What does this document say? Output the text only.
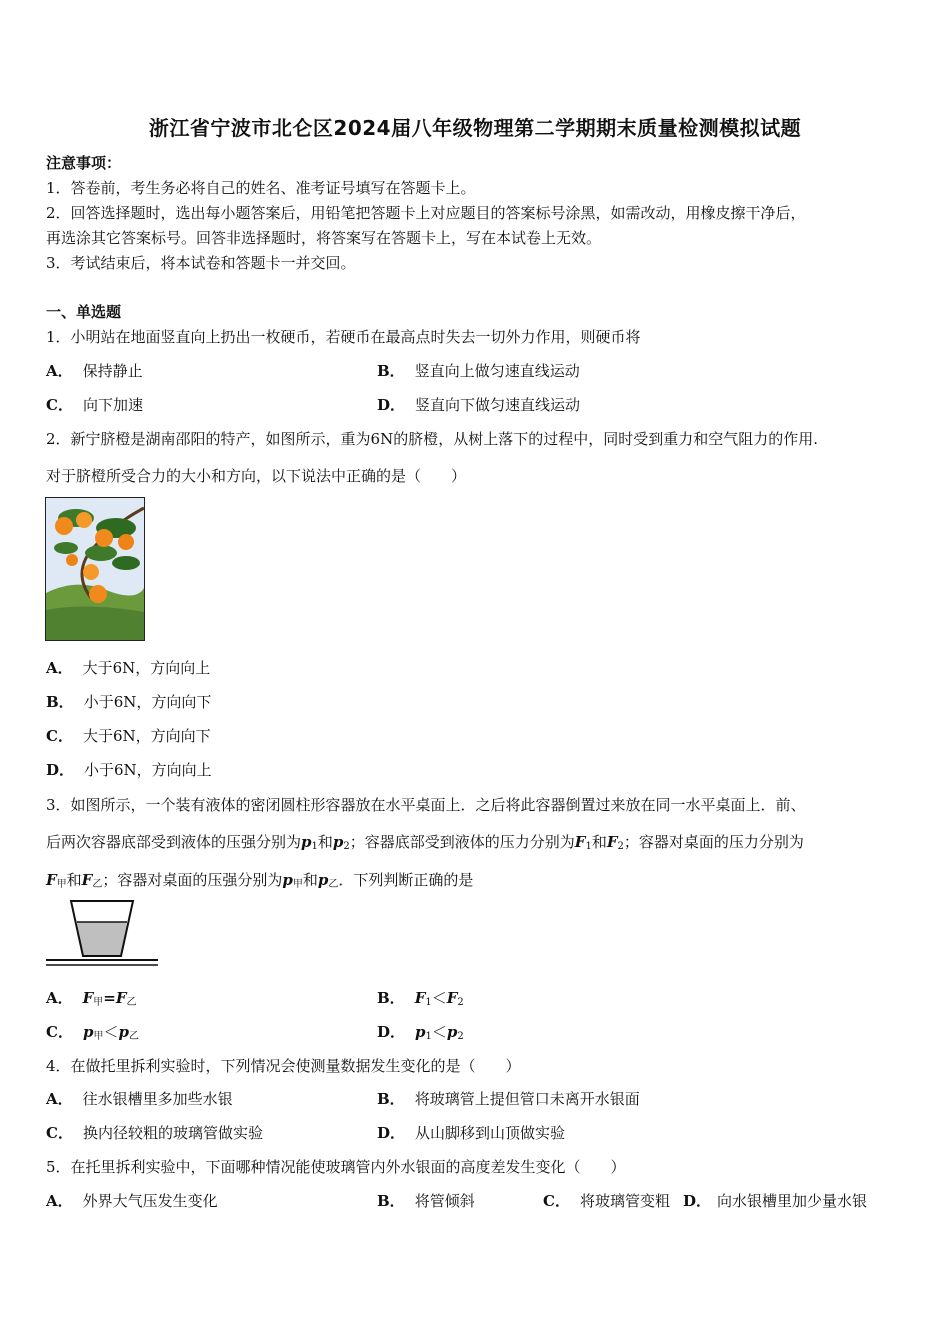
浙江省宁波市北仑区2024届八年级物理第二学期期末质量检测模拟试题
注意事项：
1．答卷前，考生务必将自己的姓名、准考证号填写在答题卡上。
2．回答选择题时，选出每小题答案后，用铅笔把答题卡上对应题目的答案标号涂黑，如需改动，用橡皮擦干净后，
再选涂其它答案标号。回答非选择题时，将答案写在答题卡上，写在本试卷上无效。
3．考试结束后，将本试卷和答题卡一并交回。
一、单选题
1．小明站在地面竖直向上扔出一枚硬币，若硬币在最高点时失去一切外力作用，则硬币将
A． 保持静止	B． 竖直向上做匀速直线运动
C． 向下加速	D． 竖直向下做匀速直线运动
2．新宁脐橙是湖南邵阳的特产，如图所示，重为6N的脐橙，从树上落下的过程中，同时受到重力和空气阻力的作用.
对于脐橙所受合力的大小和方向，以下说法中正确的是（　　）
A． 大于6N，方向向上
B． 小于6N，方向向下
C． 大于6N，方向向下
D． 小于6N，方向向上
3．如图所示，一个装有液体的密闭圆柱形容器放在水平桌面上．之后将此容器倒置过来放在同一水平桌面上．前、
后两次容器底部受到液体的压强分别为$p_1$和$p_2$；容器底部受到液体的压力分别为$F_1$和$F_2$；容器对桌面的压力分别为
$F_甲$和$F_乙$；容器对桌面的压强分别为$p_甲$和$p_乙$．下列判断正确的是
A． $F_甲=F_乙$	B． $F_1<F_2$
C． $p_甲<p_乙$	D． $p_1<p_2$
4．在做托里拆利实验时，下列情况会使测量数据发生变化的是（　　）
A． 往水银槽里多加些水银	B． 将玻璃管上提但管口未离开水银面
C． 换内径较粗的玻璃管做实验	D． 从山脚移到山顶做实验
5．在托里拆利实验中，下面哪种情况能使玻璃管内外水银面的高度差发生变化（　　）
A． 外界大气压发生变化	B． 将管倾斜	C． 将玻璃管变粗 D． 向水银槽里加少量水银
